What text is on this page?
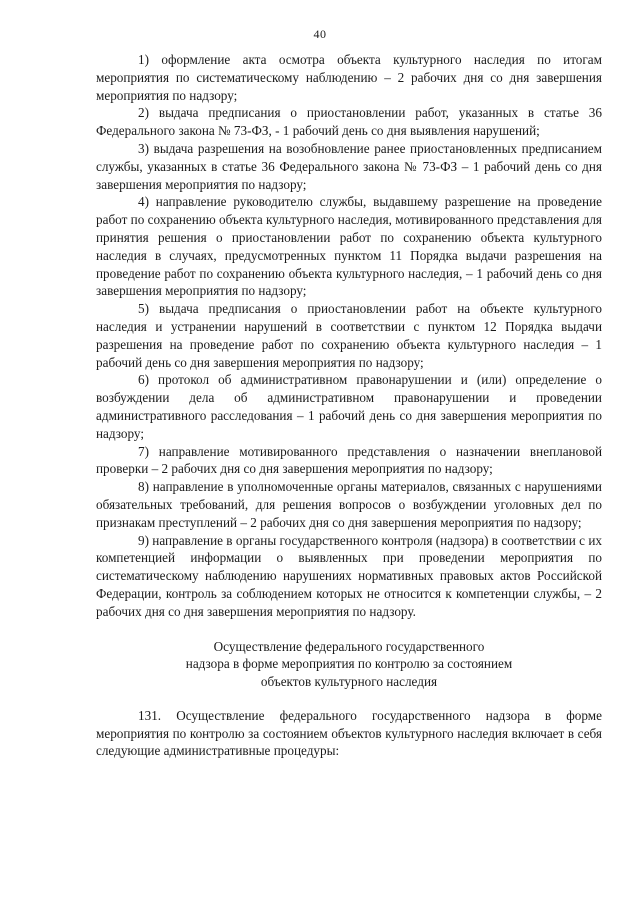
40

1) оформление акта осмотра объекта культурного наследия по итогам мероприятия по систематическому наблюдению – 2 рабочих дня со дня завершения мероприятия по надзору;

2) выдача предписания о приостановлении работ, указанных в статье 36 Федерального закона № 73-ФЗ, - 1 рабочий день со дня выявления нарушений;

3) выдача разрешения на возобновление ранее приостановленных предписанием службы, указанных в статье 36 Федерального закона № 73-ФЗ – 1 рабочий день со дня завершения мероприятия по надзору;

4) направление руководителю службы, выдавшему разрешение на проведение работ по сохранению объекта культурного наследия, мотивированного представления для принятия решения о приостановлении работ по сохранению объекта культурного наследия в случаях, предусмотренных пунктом 11 Порядка выдачи разрешения на проведение работ по сохранению объекта культурного наследия, – 1 рабочий день со дня завершения мероприятия по надзору;

5) выдача предписания о приостановлении работ на объекте культурного наследия и устранении нарушений в соответствии с пунктом 12 Порядка выдачи разрешения на проведение работ по сохранению объекта культурного наследия – 1 рабочий день со дня завершения мероприятия по надзору;

6) протокол об административном правонарушении и (или) определение о возбуждении дела об административном правонарушении и проведении административного расследования – 1 рабочий день со дня завершения мероприятия по надзору;

7) направление мотивированного представления о назначении внеплановой проверки – 2 рабочих дня со дня завершения мероприятия по надзору;

8) направление в уполномоченные органы материалов, связанных с нарушениями обязательных требований, для решения вопросов о возбуждении уголовных дел по признакам преступлений – 2 рабочих дня со дня завершения мероприятия по надзору;

9) направление в органы государственного контроля (надзора) в соответствии с их компетенцией информации о выявленных при проведении мероприятия по систематическому наблюдению нарушениях нормативных правовых актов Российской Федерации, контроль за соблюдением которых не относится к компетенции службы, – 2 рабочих дня со дня завершения мероприятия по надзору.

Осуществление федерального государственного
надзора в форме мероприятия по контролю за состоянием
объектов культурного наследия

131. Осуществление федерального государственного надзора в форме мероприятия по контролю за состоянием объектов культурного наследия включает в себя следующие административные процедуры:
